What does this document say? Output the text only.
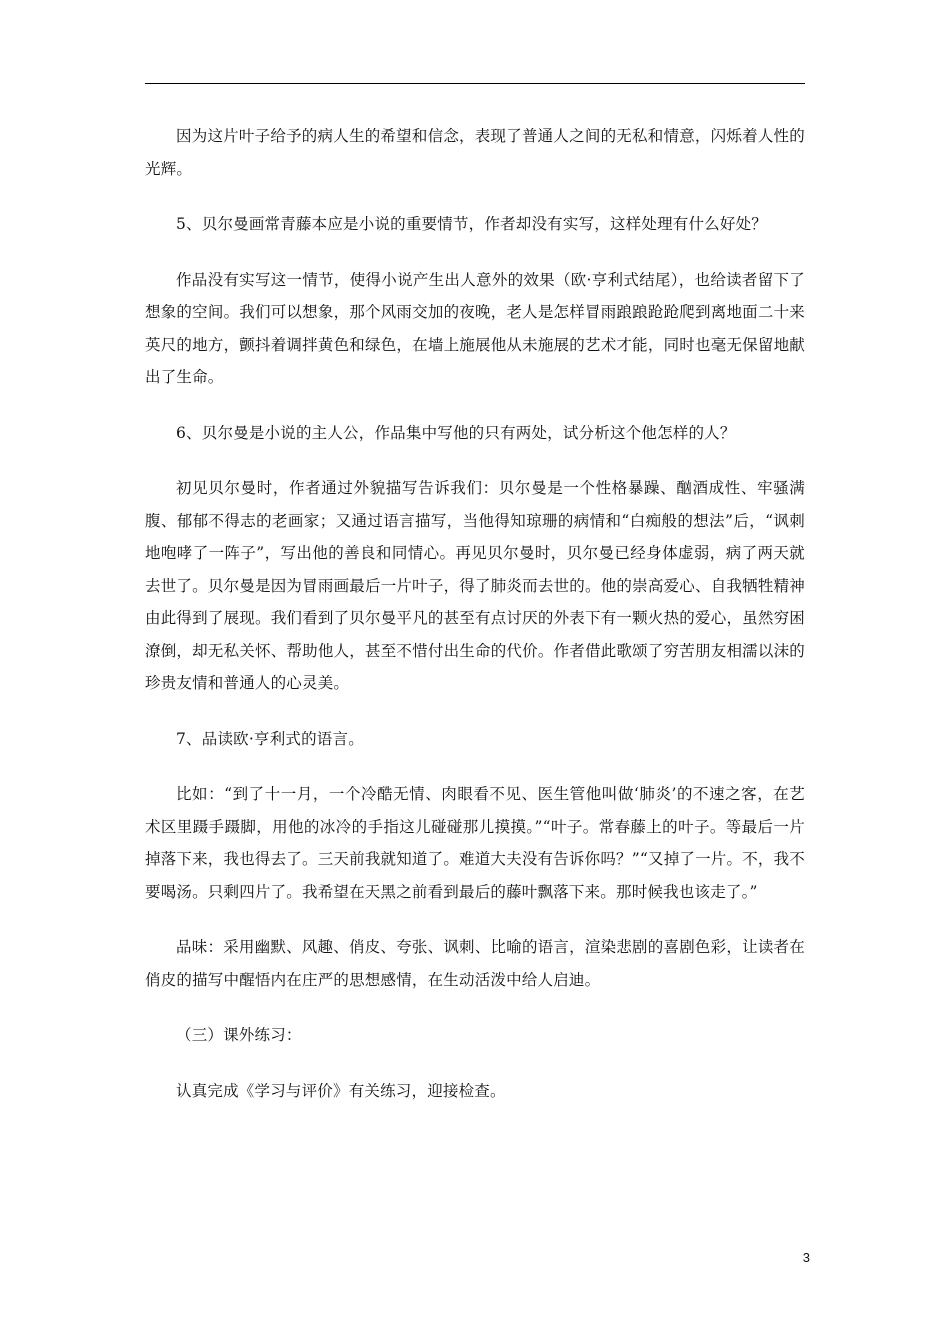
因为这片叶子给予的病人生的希望和信念，表现了普通人之间的无私和情意，闪烁着人性的光辉。

5、贝尔曼画常青藤本应是小说的重要情节，作者却没有实写，这样处理有什么好处？

作品没有实写这一情节，使得小说产生出人意外的效果（欧·亨利式结尾），也给读者留下了想象的空间。我们可以想象，那个风雨交加的夜晚，老人是怎样冒雨踉踉跄跄爬到离地面二十来英尺的地方，颤抖着调拌黄色和绿色，在墙上施展他从未施展的艺术才能，同时也毫无保留地献出了生命。

6、贝尔曼是小说的主人公，作品集中写他的只有两处，试分析这个他怎样的人？

初见贝尔曼时，作者通过外貌描写告诉我们：贝尔曼是一个性格暴躁、酗酒成性、牢骚满腹、郁郁不得志的老画家；又通过语言描写，当他得知琼珊的病情和“白痴般的想法”后，“讽刺地咆哮了一阵子”，写出他的善良和同情心。再见贝尔曼时，贝尔曼已经身体虚弱，病了两天就去世了。贝尔曼是因为冒雨画最后一片叶子，得了肺炎而去世的。他的崇高爱心、自我牺牲精神由此得到了展现。我们看到了贝尔曼平凡的甚至有点讨厌的外表下有一颗火热的爱心，虽然穷困潦倒，却无私关怀、帮助他人，甚至不惜付出生命的代价。作者借此歌颂了穷苦朋友相濡以沫的珍贵友情和普通人的心灵美。

7、品读欧·亨利式的语言。

比如：“到了十一月，一个冷酷无情、肉眼看不见、医生管他叫做‘肺炎’的不速之客，在艺术区里蹑手蹑脚，用他的冰冷的手指这儿碰碰那儿摸摸。”“叶子。常春藤上的叶子。等最后一片掉落下来，我也得去了。三天前我就知道了。难道大夫没有告诉你吗？”“又掉了一片。不，我不要喝汤。只剩四片了。我希望在天黑之前看到最后的藤叶飘落下来。那时候我也该走了。”

品味：采用幽默、风趣、俏皮、夸张、讽刺、比喻的语言，渲染悲剧的喜剧色彩，让读者在俏皮的描写中醒悟内在庄严的思想感情，在生动活泼中给人启迪。

（三）课外练习：

认真完成《学习与评价》有关练习，迎接检查。

3
